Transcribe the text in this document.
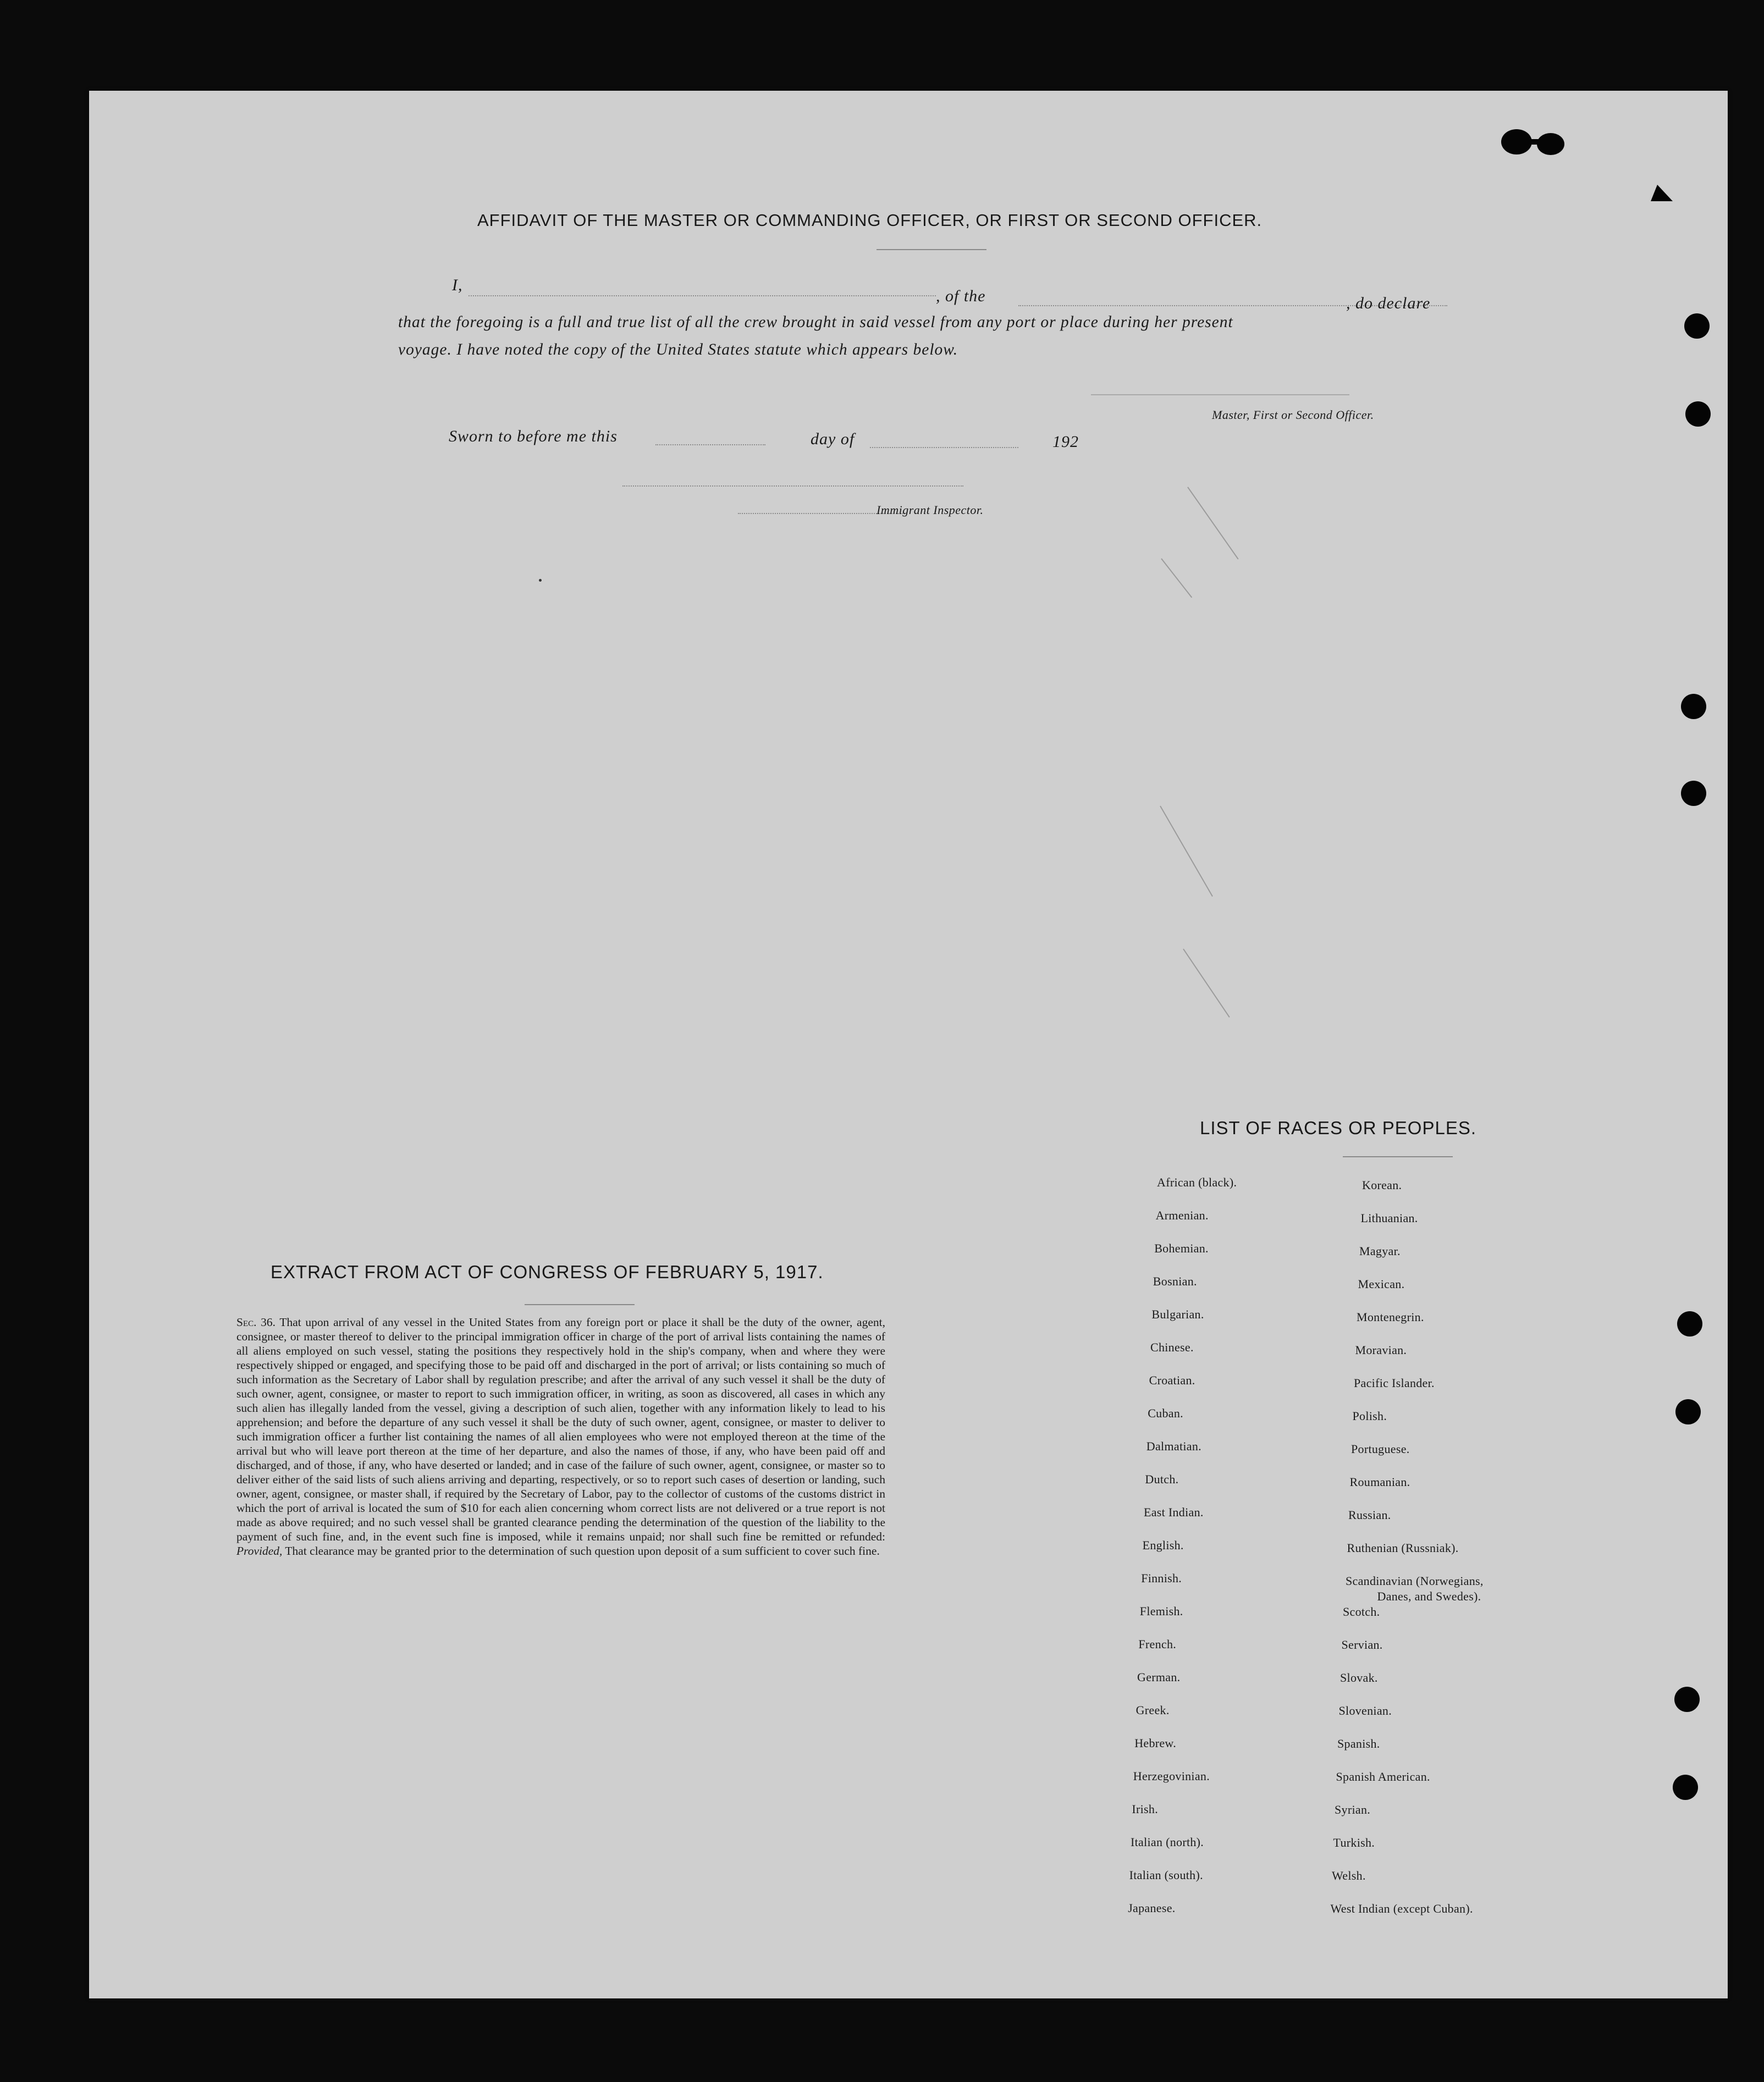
AFFIDAVIT OF THE MASTER OR COMMANDING OFFICER, OR FIRST OR SECOND OFFICER.
I,
, of the	, do declare
that the foregoing is a full and true list of all the crew brought in said vessel from any port or place during her present
voyage. I have noted the copy of the United States statute which appears below.
Master, First or Second Officer.
Sworn to before me this	day of	192
Immigrant Inspector.
EXTRACT FROM ACT OF CONGRESS OF FEBRUARY 5, 1917.
LIST OF RACES OR PEOPLES.
Sec. 36. That upon arrival of any vessel in the United States from any foreign port or place it shall be the duty of the owner, agent, consignee, or master thereof to deliver to the principal immigration officer in charge of the port of arrival lists containing the names of all aliens employed on such vessel, stating the positions they respectively hold in the ship's company, when and where they were respectively shipped or engaged, and specifying those to be paid off and discharged in the port of arrival; or lists containing so much of such information as the Secretary of Labor shall by regulation prescribe; and after the arrival of any such vessel it shall be the duty of such owner, agent, consignee, or master to report to such immigration officer, in writing, as soon as discovered, all cases in which any such alien has illegally landed from the vessel, giving a description of such alien, together with any information likely to lead to his apprehension; and before the departure of any such vessel it shall be the duty of such owner, agent, consignee, or master to deliver to such immigration officer a further list containing the names of all alien employees who were not employed thereon at the time of the arrival but who will leave port thereon at the time of her departure, and also the names of those, if any, who have been paid off and discharged, and of those, if any, who have deserted or landed; and in case of the failure of such owner, agent, consignee, or master so to deliver either of the said lists of such aliens arriving and departing, respectively, or so to report such cases of desertion or landing, such owner, agent, consignee, or master shall, if required by the Secretary of Labor, pay to the collector of customs of the customs district in which the port of arrival is located the sum of $10 for each alien concerning whom correct lists are not delivered or a true report is not made as above required; and no such vessel shall be granted clearance pending the determination of the question of the liability to the payment of such fine, and, in the event such fine is imposed, while it remains unpaid; nor shall such fine be remitted or refunded: Provided, That clearance may be granted prior to the determination of such question upon deposit of a sum sufficient to cover such fine.
African (black).
Armenian.
Bohemian.
Bosnian.
Bulgarian.
Chinese.
Croatian.
Cuban.
Dalmatian.
Dutch.
East Indian.
English.
Finnish.
Flemish.
French.
German.
Greek.
Hebrew.
Herzegovinian.
Irish.
Italian (north).
Italian (south).
Japanese.
Korean.
Lithuanian.
Magyar.
Mexican.
Montenegrin.
Moravian.
Pacific Islander.
Polish.
Portuguese.
Roumanian.
Russian.
Ruthenian (Russniak).
Scandinavian (Norwegians,
Danes, and Swedes).
Scotch.
Servian.
Slovak.
Slovenian.
Spanish.
Spanish American.
Syrian.
Turkish.
Welsh.
West Indian (except Cuban).
